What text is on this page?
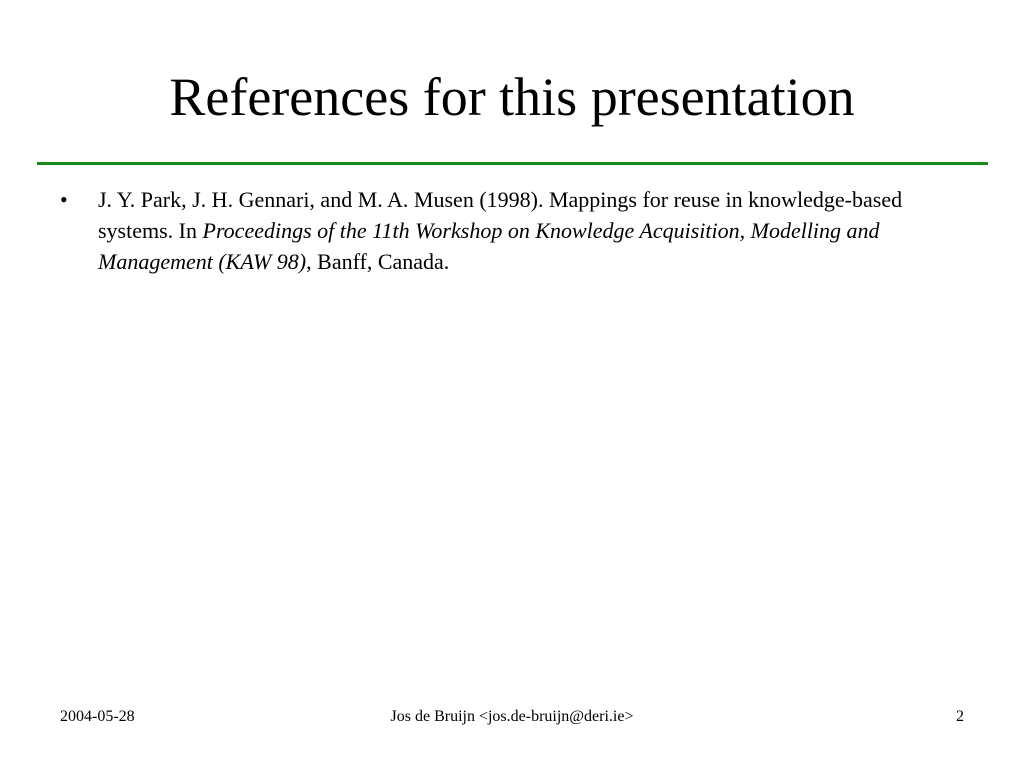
References for this presentation
• J. Y. Park, J. H. Gennari, and M. A. Musen (1998). Mappings for reuse in knowledge-based systems. In Proceedings of the 11th Workshop on Knowledge Acquisition, Modelling and Management (KAW 98), Banff, Canada.
2004-05-28	Jos de Bruijn <jos.de-bruijn@deri.ie>	2
